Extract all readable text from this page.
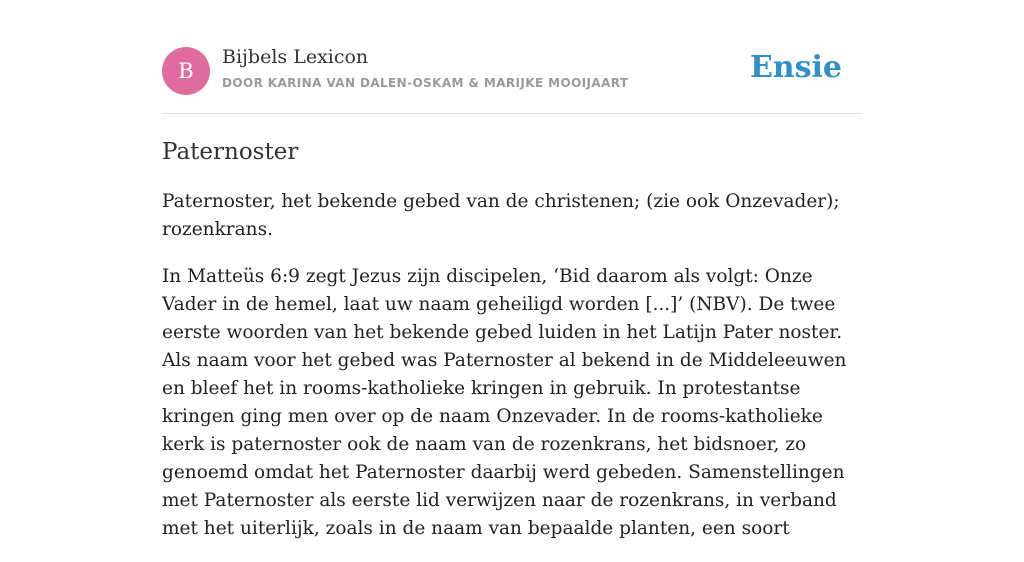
B
Bijbels Lexicon
DOOR KARINA VAN DALEN-OSKAM & MARIJKE MOOIJAART	Ensie
Paternoster

Paternoster, het bekende gebed van de christenen; (zie ook Onzevader); rozenkrans.

In Matteüs 6:9 zegt Jezus zijn discipelen, ‘Bid daarom als volgt: Onze Vader in de hemel, laat uw naam geheiligd worden [...]’ (NBV). De twee eerste woorden van het bekende gebed luiden in het Latijn Pater noster. Als naam voor het gebed was Paternoster al bekend in de Middeleeuwen en bleef het in rooms-katholieke kringen in gebruik. In protestantse kringen ging men over op de naam Onzevader. In de rooms-katholieke kerk is paternoster ook de naam van de rozenkrans, het bidsnoer, zo genoemd omdat het Paternoster daarbij werd gebeden. Samenstellingen met Paternoster als eerste lid verwijzen naar de rozenkrans, in verband met het uiterlijk, zoals in de naam van bepaalde planten, een soort
